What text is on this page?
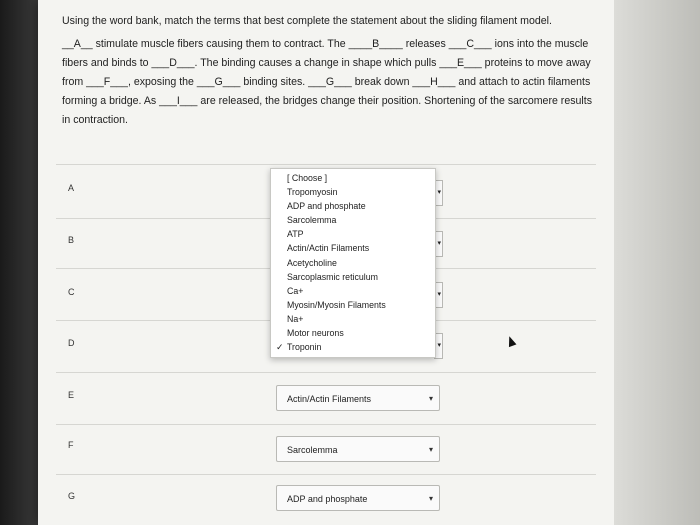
Using the word bank, match the terms that best complete the statement about the sliding filament model.

__A__ stimulate muscle fibers causing them to contract. The ____B____ releases ___C___ ions into the muscle fibers and binds to ___D___. The binding causes a change in shape which pulls ___E___ proteins to move away from ___F___, exposing the ___G___ binding sites. ___G___ break down ___H___ and attach to actin filaments forming a bridge. As ___I___ are released, the bridges change their position. Shortening of the sarcomere results in contraction.

A	▾
B	▾
C	▾
D	▾
E	Actin/Actin Filaments	▾
F	Sarcolemma	▾
G	ADP and phosphate	▾
[ Choose ]
Tropomyosin
ADP and phosphate
Sarcolemma
ATP
Actin/Actin Filaments
Acetycholine
Sarcoplasmic reticulum
Ca+
Myosin/Myosin Filaments
Na+
Motor neurons
✓ Troponin
